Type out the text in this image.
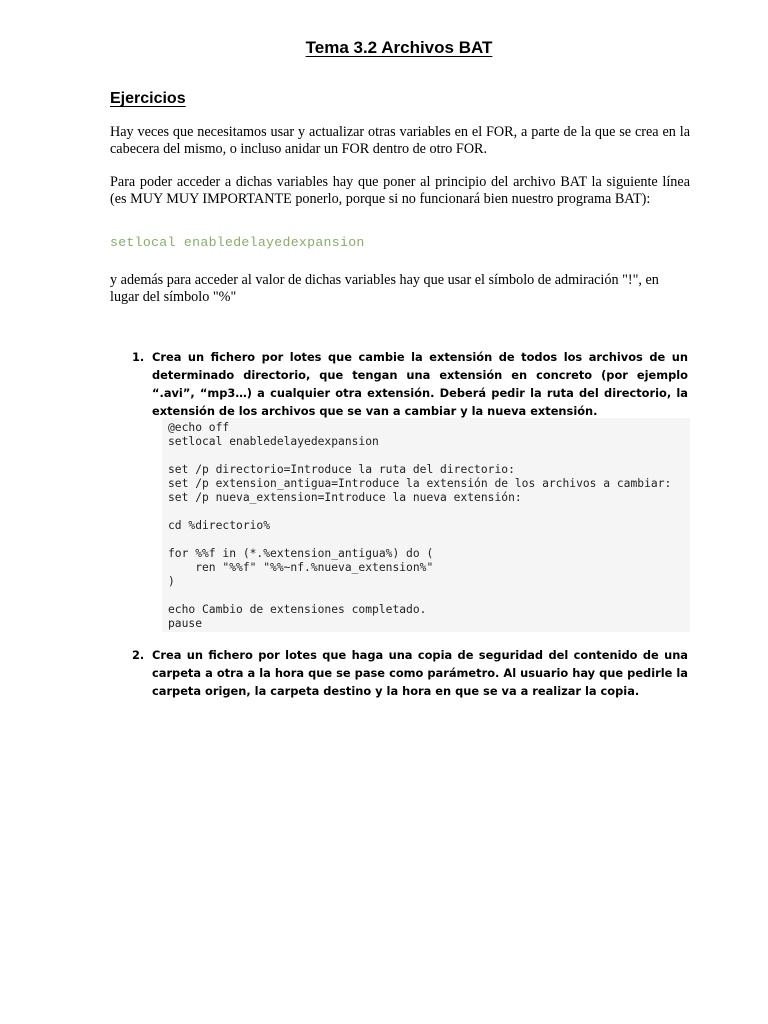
Tema 3.2 Archivos BAT
Ejercicios
Hay veces que necesitamos usar y actualizar otras variables en el FOR, a parte de la que se crea en la cabecera del mismo, o incluso anidar un FOR dentro de otro FOR.
Para poder acceder a dichas variables hay que poner al principio del archivo BAT la siguiente línea (es MUY MUY IMPORTANTE ponerlo, porque si no funcionará bien nuestro programa BAT):
setlocal enabledelayedexpansion
y además para acceder al valor de dichas variables hay que usar el símbolo de admiración "!", en lugar del símbolo "%"
1. Crea un fichero por lotes que cambie la extensión de todos los archivos de un determinado directorio, que tengan una extensión en concreto (por ejemplo “.avi”, “mp3…) a cualquier otra extensión. Deberá pedir la ruta del directorio, la extensión de los archivos que se van a cambiar y la nueva extensión.
@echo off
setlocal enabledelayedexpansion
set /p directorio=Introduce la ruta del directorio:
set /p extension_antigua=Introduce la extensión de los archivos a cambiar:
set /p nueva_extension=Introduce la nueva extensión:
cd %directorio%
for %%f in (*.%extension_antigua%) do (
ren "%%f" "%%~nf.%nueva_extension%"
)
echo Cambio de extensiones completado.
pause
2. Crea un fichero por lotes que haga una copia de seguridad del contenido de una carpeta a otra a la hora que se pase como parámetro. Al usuario hay que pedirle la carpeta origen, la carpeta destino y la hora en que se va a realizar la copia.
